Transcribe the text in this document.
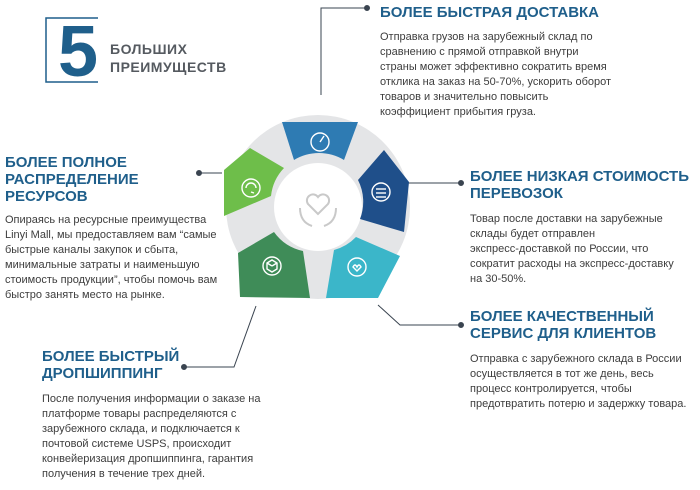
5 БОЛЬШИХ
ПРЕИМУЩЕСТВ

БОЛЕЕ БЫСТРАЯ ДОСТАВКА

Отправка грузов на зарубежный склад по
сравнению с прямой отправкой внутри
страны может эффективно сократить время
отклика на заказ на 50-70%, ускорить оборот
товаров и значительно повысить
коэффициент прибытия груза.

БОЛЕЕ НИЗКАЯ СТОИМОСТЬ
ПЕРЕВОЗОК

Товар после доставки на зарубежные
склады будет отправлен
экспресс-доставкой по России, что
сократит расходы на экспресс-доставку
на 30-50%.

БОЛЕЕ КАЧЕСТВЕННЫЙ
СЕРВИС ДЛЯ КЛИЕНТОВ

Отправка с зарубежного склада в России
осуществляется в тот же день, весь
процесс контролируется, чтобы
предотвратить потерю и задержку товара.

БОЛЕЕ ПОЛНОЕ
РАСПРЕДЕЛЕНИЕ
РЕСУРСОВ

Опираясь на ресурсные преимущества
Linyi Mall, мы предоставляем вам “самые
быстрые каналы закупок и сбыта,
минимальные затраты и наименьшую
стоимость продукции”, чтобы помочь вам
быстро занять место на рынке.

БОЛЕЕ БЫСТРЫЙ
ДРОПШИППИНГ

После получения информации о заказе на
платформе товары распределяются с
зарубежного склада, и подключается к
почтовой системе USPS, происходит
конвейеризация дропшиппинга, гарантия
получения в течение трех дней.
